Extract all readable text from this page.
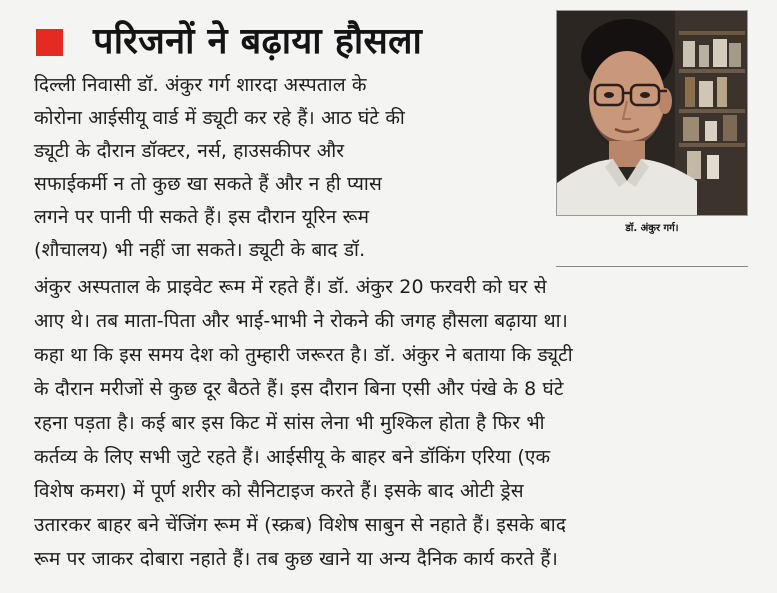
परिजनों ने बढ़ाया हौसला
डॉ. अंकुर गर्ग।
दिल्ली निवासी डॉ. अंकुर गर्ग शारदा अस्पताल के
कोरोना आईसीयू वार्ड में ड्यूटी कर रहे हैं। आठ घंटे की
ड्यूटी के दौरान डॉक्टर, नर्स, हाउसकीपर और
सफाईकर्मी न तो कुछ खा सकते हैं और न ही प्यास
लगने पर पानी पी सकते हैं। इस दौरान यूरिन रूम
(शौचालय) भी नहीं जा सकते। ड्यूटी के बाद डॉ.
अंकुर अस्पताल के प्राइवेट रूम में रहते हैं। डॉ. अंकुर 20 फरवरी को घर से
आए थे। तब माता-पिता और भाई-भाभी ने रोकने की जगह हौसला बढ़ाया था।
कहा था कि इस समय देश को तुम्हारी जरूरत है। डॉ. अंकुर ने बताया कि ड्यूटी
के दौरान मरीजों से कुछ दूर बैठते हैं। इस दौरान बिना एसी और पंखे के 8 घंटे
रहना पड़ता है। कई बार इस किट में सांस लेना भी मुश्किल होता है फिर भी
कर्तव्य के लिए सभी जुटे रहते हैं। आईसीयू के बाहर बने डॉकिंग एरिया (एक
विशेष कमरा) में पूर्ण शरीर को सैनिटाइज करते हैं। इसके बाद ओटी ड्रेस
उतारकर बाहर बने चेंजिंग रूम में (स्क्रब) विशेष साबुन से नहाते हैं। इसके बाद
रूम पर जाकर दोबारा नहाते हैं। तब कुछ खाने या अन्य दैनिक कार्य करते हैं।
